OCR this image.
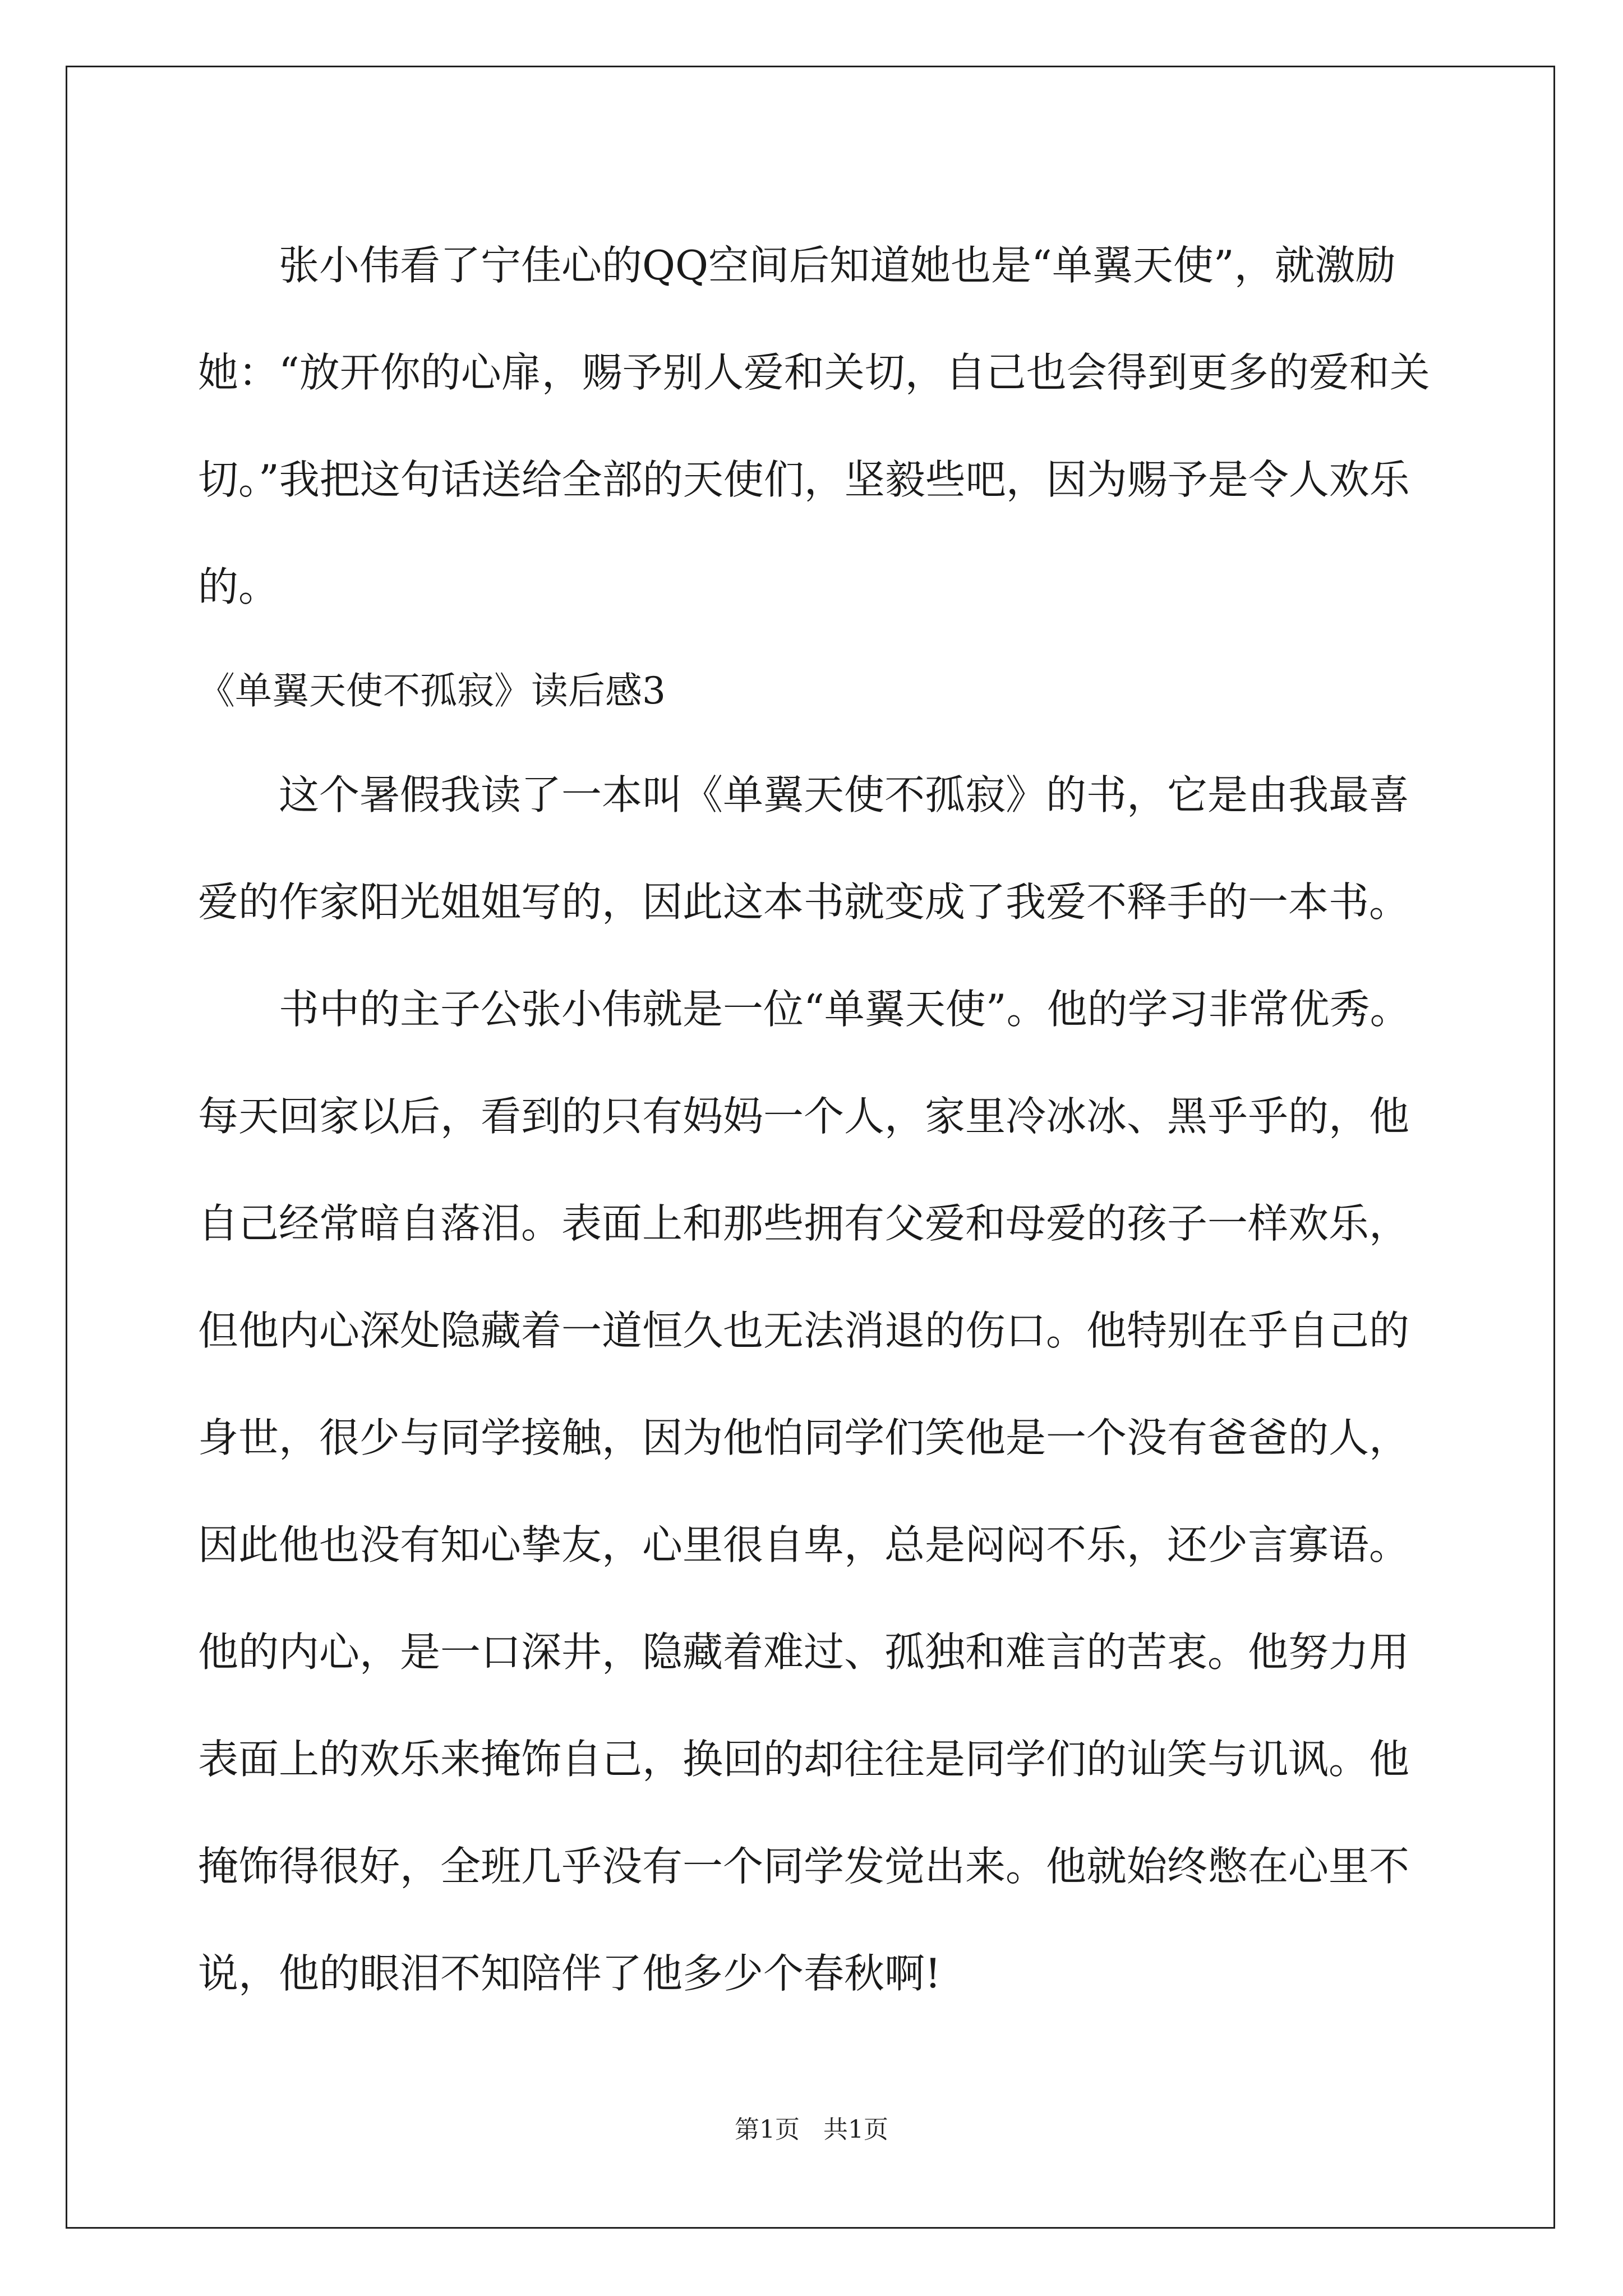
张小伟看了宁佳心的QQ空间后知道她也是“单翼天使”，就激励她：“放开你的心扉，赐予别人爱和关切，自己也会得到更多的爱和关切。”我把这句话送给全部的天使们，坚毅些吧，因为赐予是令人欢乐的。

《单翼天使不孤寂》读后感3

这个暑假我读了一本叫《单翼天使不孤寂》的书，它是由我最喜爱的作家阳光姐姐写的，因此这本书就变成了我爱不释手的一本书。

书中的主子公张小伟就是一位“单翼天使”。他的学习非常优秀。每天回家以后，看到的只有妈妈一个人，家里冷冰冰、黑乎乎的，他自己经常暗自落泪。表面上和那些拥有父爱和母爱的孩子一样欢乐，但他内心深处隐藏着一道恒久也无法消退的伤口。他特别在乎自己的身世，很少与同学接触，因为他怕同学们笑他是一个没有爸爸的人，因此他也没有知心挚友，心里很自卑，总是闷闷不乐，还少言寡语。他的内心，是一口深井，隐藏着难过、孤独和难言的苦衷。他努力用表面上的欢乐来掩饰自己，换回的却往往是同学们的讪笑与讥讽。他掩饰得很好，全班几乎没有一个同学发觉出来。他就始终憋在心里不说，他的眼泪不知陪伴了他多少个春秋啊!

第1页 共1页
